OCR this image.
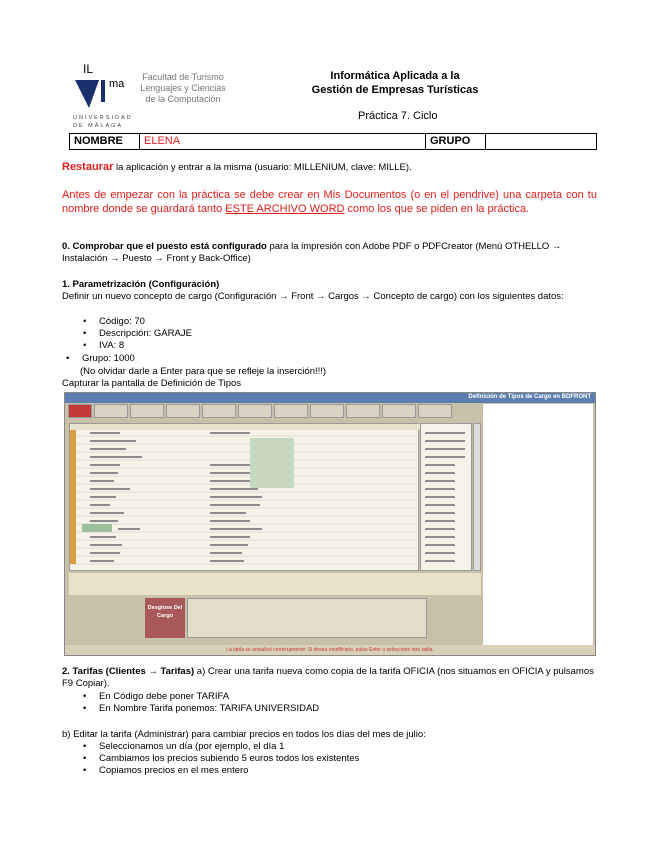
IL
ma
Facultad de Turismo
Lenguajes y Ciencias
de la Computación
UNIVERSIDAD DE MÁLAGA
Informática Aplicada a la
Gestión de Empresas Turísticas
Práctica 7. Ciclo
NOMBRE	ELENA	GRUPO
Restaurar la aplicación y entrar a la misma (usuario: MILLENIUM, clave: MILLE).
Antes de empezar con la práctica se debe crear en Mis Documentos (o en el pendrive) una carpeta con tu nombre donde se guardará tanto ESTE ARCHIVO WORD como los que se piden en la práctica.
0. Comprobar que el puesto está configurado para la impresión con Adobe PDF o PDFCreator (Menú OTHELLO → Instalación → Puesto → Front y Back-Office)
1. Parametrización (Configuración)
Definir un nuevo concepto de cargo (Configuración → Front → Cargos → Concepto de cargo) con los siguientes datos:
• Código: 70
• Descripción: GARAJE
• IVA: 8
• Grupo: 1000
(No olvidar darle a Enter para que se refleje la inserción!!!)
Capturar la pantalla de Definición de Tipos
Definición de Tipos de Cargo en BDFRONT
Desglose Del Cargo
La tabla se actualizó correctamente. Si desea modificarlo, pulse Enter o seleccione otra tabla.
2. Tarifas (Clientes → Tarifas) a) Crear una tarifa nueva como copia de la tarifa OFICIA (nos situamos en OFICIA y pulsamos F9 Copiar).
• En Código debe poner TARIFA
• En Nombre Tarifa ponemos: TARIFA UNIVERSIDAD
b) Editar la tarifa (Administrar) para cambiar precios en todos los días del mes de julio:
• Seleccionamos un día (por ejemplo, el día 1
• Cambiamos los precios subiendo 5 euros todos los existentes
• Copiamos precios en el mes entero
